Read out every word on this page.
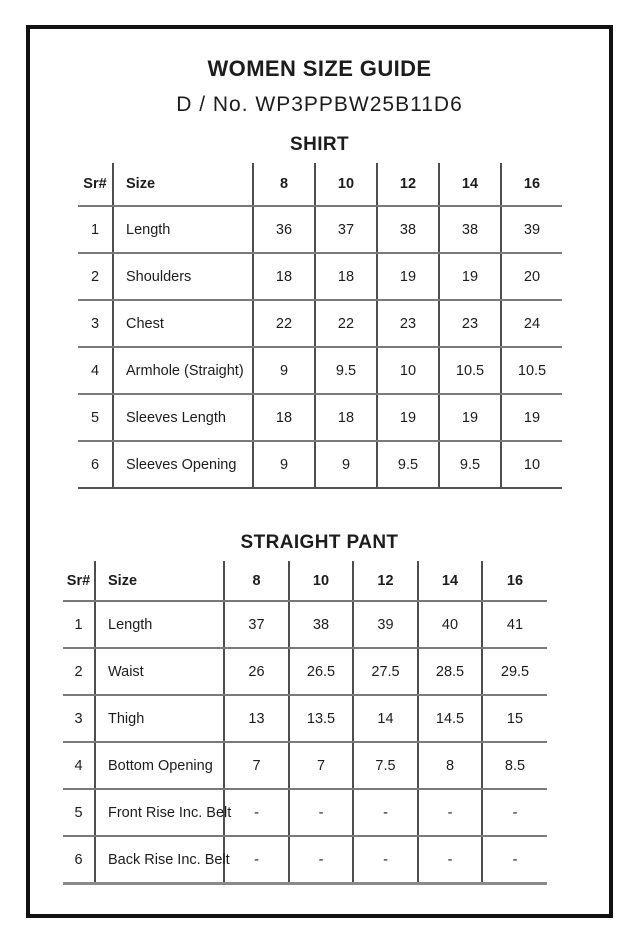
WOMEN SIZE GUIDE
D / No. WP3PPBW25B11D6
SHIRT
Sr#	Size	8	10	12	14	16
1	Length	36	37	38	38	39
2	Shoulders	18	18	19	19	20
3	Chest	22	22	23	23	24
4	Armhole (Straight)	9	9.5	10	10.5	10.5
5	Sleeves Length	18	18	19	19	19
6	Sleeves Opening	9	9	9.5	9.5	10
STRAIGHT PANT
Sr#	Size	8	10	12	14	16
1	Length	37	38	39	40	41
2	Waist	26	26.5	27.5	28.5	29.5
3	Thigh	13	13.5	14	14.5	15
4	Bottom Opening	7	7	7.5	8	8.5
5	Front Rise Inc. Belt	-	-	-	-	-
6	Back Rise Inc. Belt	-	-	-	-	-
